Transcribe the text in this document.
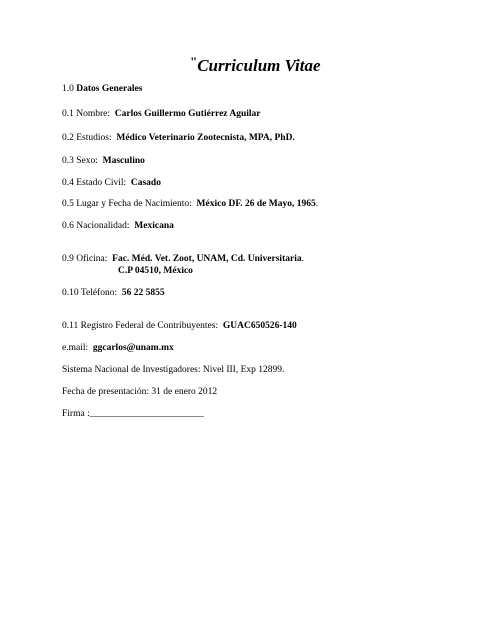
"Curriculum Vitae
1.0 Datos Generales
0.1 Nombre: Carlos Guillermo Gutiérrez Aguilar
0.2 Estudios: Médico Veterinario Zootecnista, MPA, PhD.
0.3 Sexo: Masculino
0.4 Estado Civil: Casado
0.5 Lugar y Fecha de Nacimiento: México DF. 26 de Mayo, 1965.
0.6 Nacionalidad: Mexicana
0.9 Oficina: Fac. Méd. Vet. Zoot, UNAM, Cd. Universitaria.
C.P 04510, México
0.10 Teléfono: 56 22 5855
0.11 Registro Federal de Contribuyentes: GUAC650526-140
e.mail: ggcarlos@unam.mx
Sistema Nacional de Investigadores: Nivel III, Exp 12899.
Fecha de presentación: 31 de enero 2012
Firma :________________________
